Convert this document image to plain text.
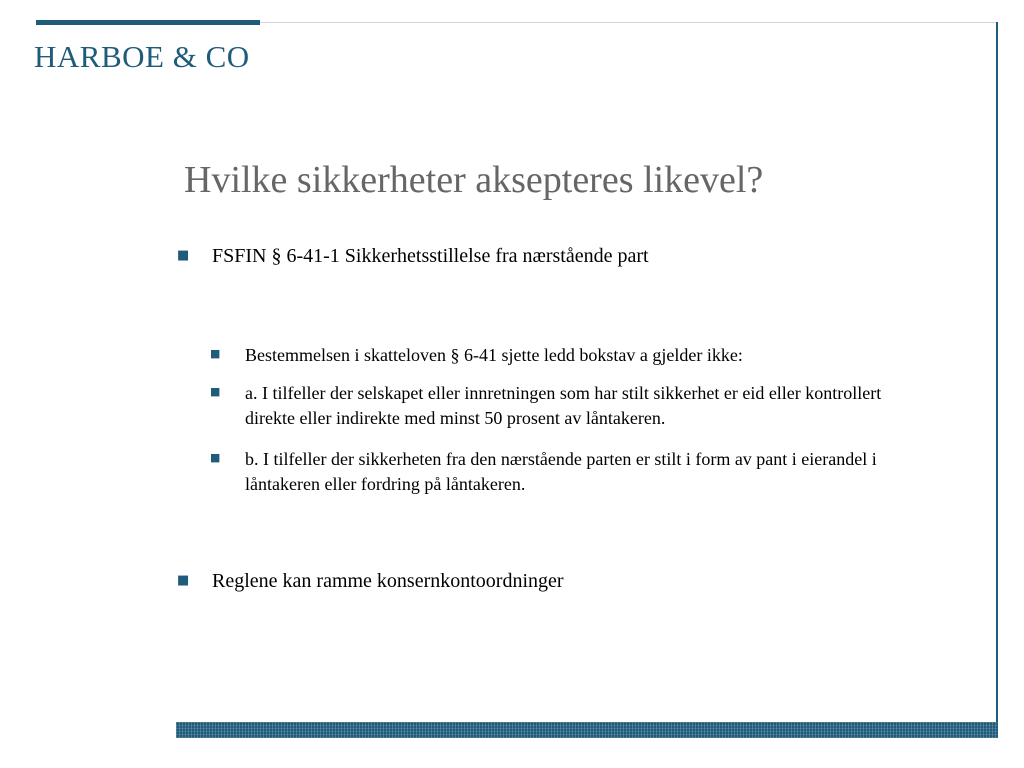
HARBOE & CO
Hvilke sikkerheter aksepteres likevel?
■	FSFIN § 6-41-1 Sikkerhetsstillelse fra nærstående part
■	Bestemmelsen i skatteloven § 6-41 sjette ledd bokstav a gjelder ikke:
■	a. I tilfeller der selskapet eller innretningen som har stilt sikkerhet er eid eller kontrollert direkte eller indirekte med minst 50 prosent av låntakeren.
■	b. I tilfeller der sikkerheten fra den nærstående parten er stilt i form av pant i eierandel i låntakeren eller fordring på låntakeren.
■	Reglene kan ramme konsernkontoordninger
